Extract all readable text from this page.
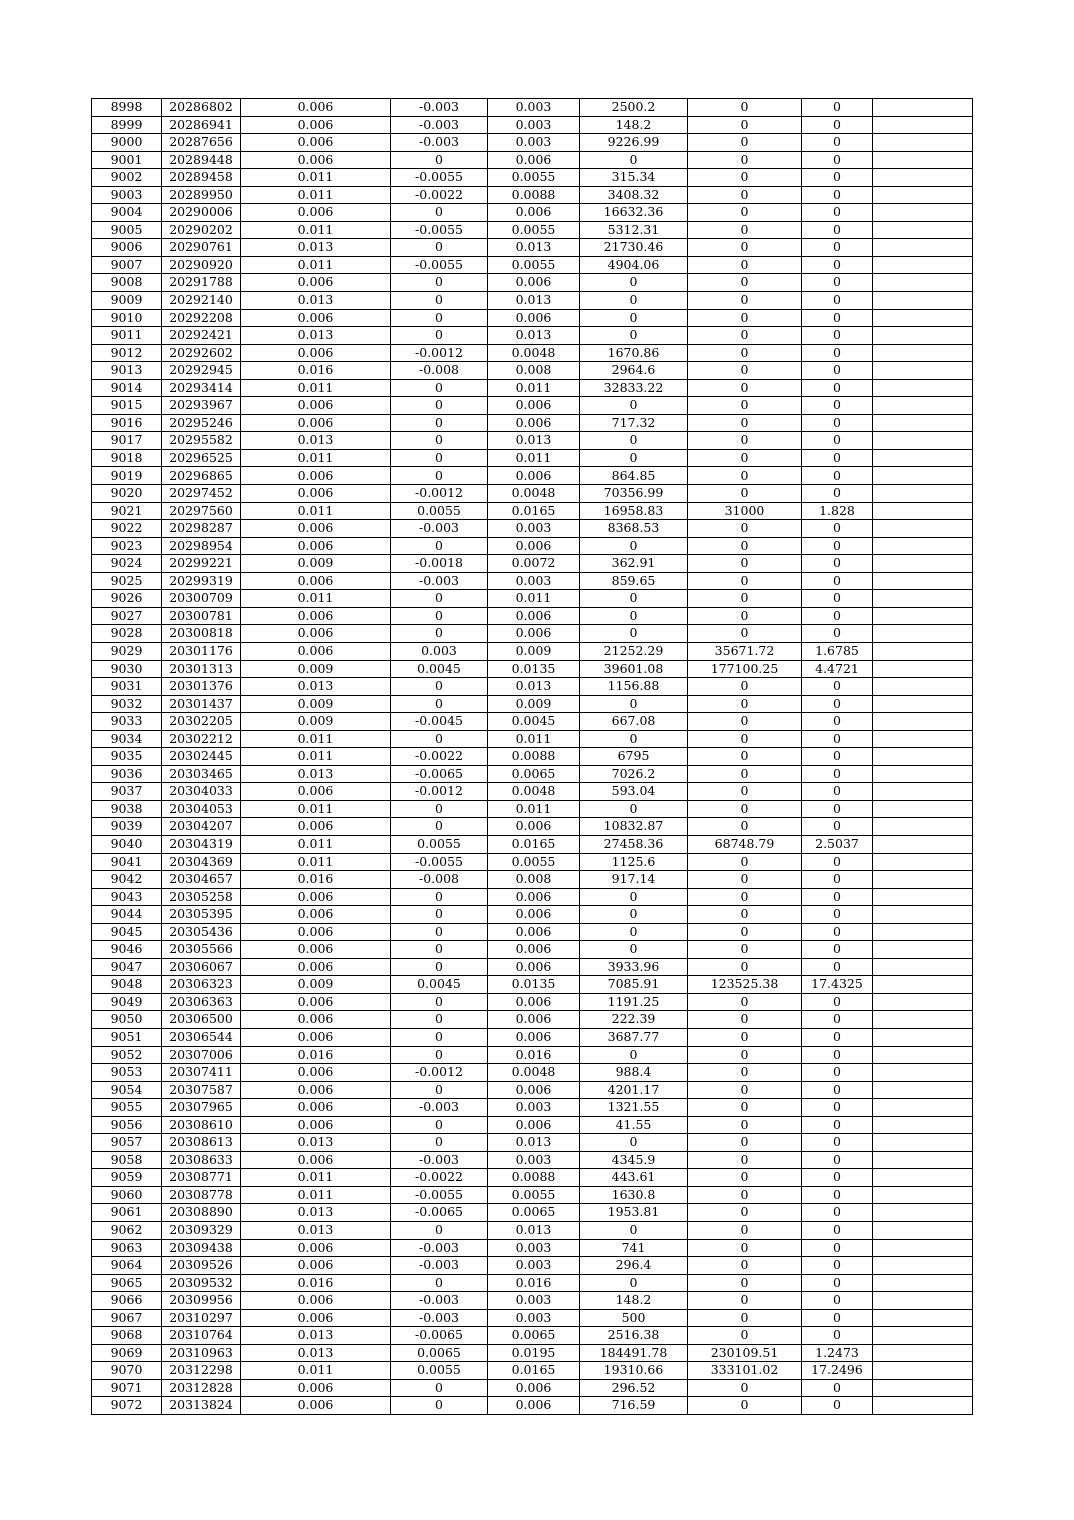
8998	20286802	0.006	-0.003	0.003	2500.2	0	0	
8999	20286941	0.006	-0.003	0.003	148.2	0	0	
9000	20287656	0.006	-0.003	0.003	9226.99	0	0	
9001	20289448	0.006	0	0.006	0	0	0	
9002	20289458	0.011	-0.0055	0.0055	315.34	0	0	
9003	20289950	0.011	-0.0022	0.0088	3408.32	0	0	
9004	20290006	0.006	0	0.006	16632.36	0	0	
9005	20290202	0.011	-0.0055	0.0055	5312.31	0	0	
9006	20290761	0.013	0	0.013	21730.46	0	0	
9007	20290920	0.011	-0.0055	0.0055	4904.06	0	0	
9008	20291788	0.006	0	0.006	0	0	0	
9009	20292140	0.013	0	0.013	0	0	0	
9010	20292208	0.006	0	0.006	0	0	0	
9011	20292421	0.013	0	0.013	0	0	0	
9012	20292602	0.006	-0.0012	0.0048	1670.86	0	0	
9013	20292945	0.016	-0.008	0.008	2964.6	0	0	
9014	20293414	0.011	0	0.011	32833.22	0	0	
9015	20293967	0.006	0	0.006	0	0	0	
9016	20295246	0.006	0	0.006	717.32	0	0	
9017	20295582	0.013	0	0.013	0	0	0	
9018	20296525	0.011	0	0.011	0	0	0	
9019	20296865	0.006	0	0.006	864.85	0	0	
9020	20297452	0.006	-0.0012	0.0048	70356.99	0	0	
9021	20297560	0.011	0.0055	0.0165	16958.83	31000	1.828	
9022	20298287	0.006	-0.003	0.003	8368.53	0	0	
9023	20298954	0.006	0	0.006	0	0	0	
9024	20299221	0.009	-0.0018	0.0072	362.91	0	0	
9025	20299319	0.006	-0.003	0.003	859.65	0	0	
9026	20300709	0.011	0	0.011	0	0	0	
9027	20300781	0.006	0	0.006	0	0	0	
9028	20300818	0.006	0	0.006	0	0	0	
9029	20301176	0.006	0.003	0.009	21252.29	35671.72	1.6785	
9030	20301313	0.009	0.0045	0.0135	39601.08	177100.25	4.4721	
9031	20301376	0.013	0	0.013	1156.88	0	0	
9032	20301437	0.009	0	0.009	0	0	0	
9033	20302205	0.009	-0.0045	0.0045	667.08	0	0	
9034	20302212	0.011	0	0.011	0	0	0	
9035	20302445	0.011	-0.0022	0.0088	6795	0	0	
9036	20303465	0.013	-0.0065	0.0065	7026.2	0	0	
9037	20304033	0.006	-0.0012	0.0048	593.04	0	0	
9038	20304053	0.011	0	0.011	0	0	0	
9039	20304207	0.006	0	0.006	10832.87	0	0	
9040	20304319	0.011	0.0055	0.0165	27458.36	68748.79	2.5037	
9041	20304369	0.011	-0.0055	0.0055	1125.6	0	0	
9042	20304657	0.016	-0.008	0.008	917.14	0	0	
9043	20305258	0.006	0	0.006	0	0	0	
9044	20305395	0.006	0	0.006	0	0	0	
9045	20305436	0.006	0	0.006	0	0	0	
9046	20305566	0.006	0	0.006	0	0	0	
9047	20306067	0.006	0	0.006	3933.96	0	0	
9048	20306323	0.009	0.0045	0.0135	7085.91	123525.38	17.4325	
9049	20306363	0.006	0	0.006	1191.25	0	0	
9050	20306500	0.006	0	0.006	222.39	0	0	
9051	20306544	0.006	0	0.006	3687.77	0	0	
9052	20307006	0.016	0	0.016	0	0	0	
9053	20307411	0.006	-0.0012	0.0048	988.4	0	0	
9054	20307587	0.006	0	0.006	4201.17	0	0	
9055	20307965	0.006	-0.003	0.003	1321.55	0	0	
9056	20308610	0.006	0	0.006	41.55	0	0	
9057	20308613	0.013	0	0.013	0	0	0	
9058	20308633	0.006	-0.003	0.003	4345.9	0	0	
9059	20308771	0.011	-0.0022	0.0088	443.61	0	0	
9060	20308778	0.011	-0.0055	0.0055	1630.8	0	0	
9061	20308890	0.013	-0.0065	0.0065	1953.81	0	0	
9062	20309329	0.013	0	0.013	0	0	0	
9063	20309438	0.006	-0.003	0.003	741	0	0	
9064	20309526	0.006	-0.003	0.003	296.4	0	0	
9065	20309532	0.016	0	0.016	0	0	0	
9066	20309956	0.006	-0.003	0.003	148.2	0	0	
9067	20310297	0.006	-0.003	0.003	500	0	0	
9068	20310764	0.013	-0.0065	0.0065	2516.38	0	0	
9069	20310963	0.013	0.0065	0.0195	184491.78	230109.51	1.2473	
9070	20312298	0.011	0.0055	0.0165	19310.66	333101.02	17.2496	
9071	20312828	0.006	0	0.006	296.52	0	0	
9072	20313824	0.006	0	0.006	716.59	0	0	
